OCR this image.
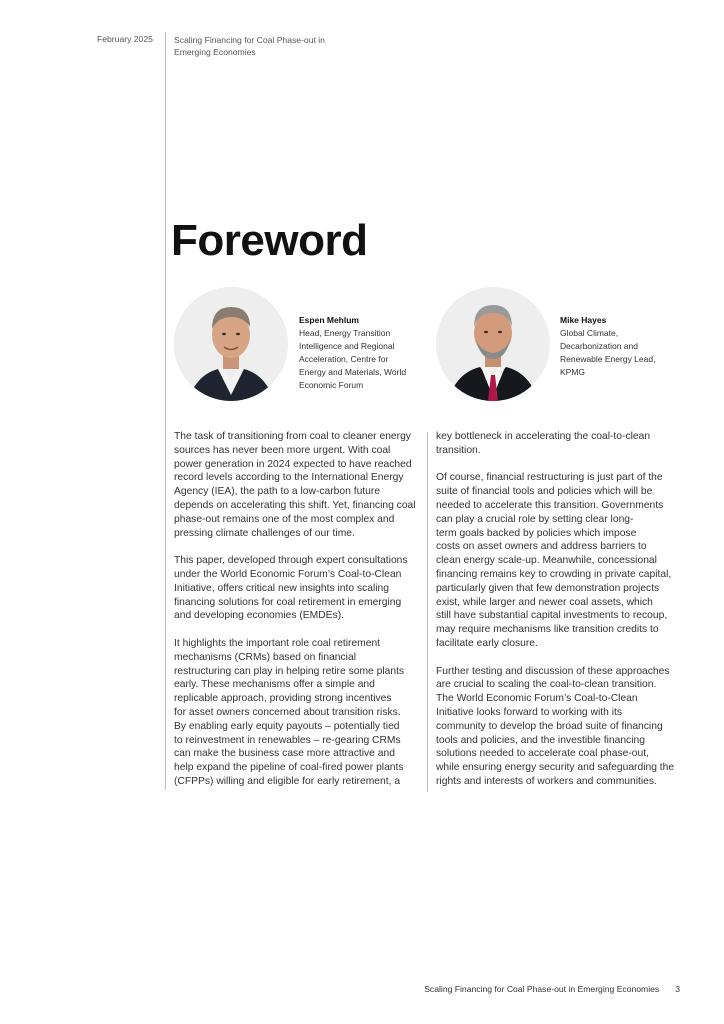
February 2025 Scaling Financing for Coal Phase-out in
Emerging Economies
Foreword
Espen Mehlum
Head, Energy Transition
Intelligence and Regional
Acceleration, Centre for
Energy and Materials, World
Economic Forum
Mike Hayes
Global Climate,
Decarbonization and
Renewable Energy Lead,
KPMG

The task of transitioning from coal to cleaner energy
sources has never been more urgent. With coal
power generation in 2024 expected to have reached
record levels according to the International Energy
Agency (IEA), the path to a low-carbon future
depends on accelerating this shift. Yet, financing coal
phase-out remains one of the most complex and
pressing climate challenges of our time.

This paper, developed through expert consultations
under the World Economic Forum’s Coal-to-Clean
Initiative, offers critical new insights into scaling
financing solutions for coal retirement in emerging
and developing economies (EMDEs).

It highlights the important role coal retirement
mechanisms (CRMs) based on financial
restructuring can play in helping retire some plants
early. These mechanisms offer a simple and
replicable approach, providing strong incentives
for asset owners concerned about transition risks.
By enabling early equity payouts – potentially tied
to reinvestment in renewables – re-gearing CRMs
can make the business case more attractive and
help expand the pipeline of coal-fired power plants
(CFPPs) willing and eligible for early retirement, a

key bottleneck in accelerating the coal-to-clean
transition.

Of course, financial restructuring is just part of the
suite of financial tools and policies which will be
needed to accelerate this transition. Governments
can play a crucial role by setting clear long-
term goals backed by policies which impose
costs on asset owners and address barriers to
clean energy scale-up. Meanwhile, concessional
financing remains key to crowding in private capital,
particularly given that few demonstration projects
exist, while larger and newer coal assets, which
still have substantial capital investments to recoup,
may require mechanisms like transition credits to
facilitate early closure.

Further testing and discussion of these approaches
are crucial to scaling the coal-to-clean transition.
The World Economic Forum’s Coal-to-Clean
Initiative looks forward to working with its
community to develop the broad suite of financing
tools and policies, and the investible financing
solutions needed to accelerate coal phase-out,
while ensuring energy security and safeguarding the
rights and interests of workers and communities.

Scaling Financing for Coal Phase-out in Emerging Economies 3
